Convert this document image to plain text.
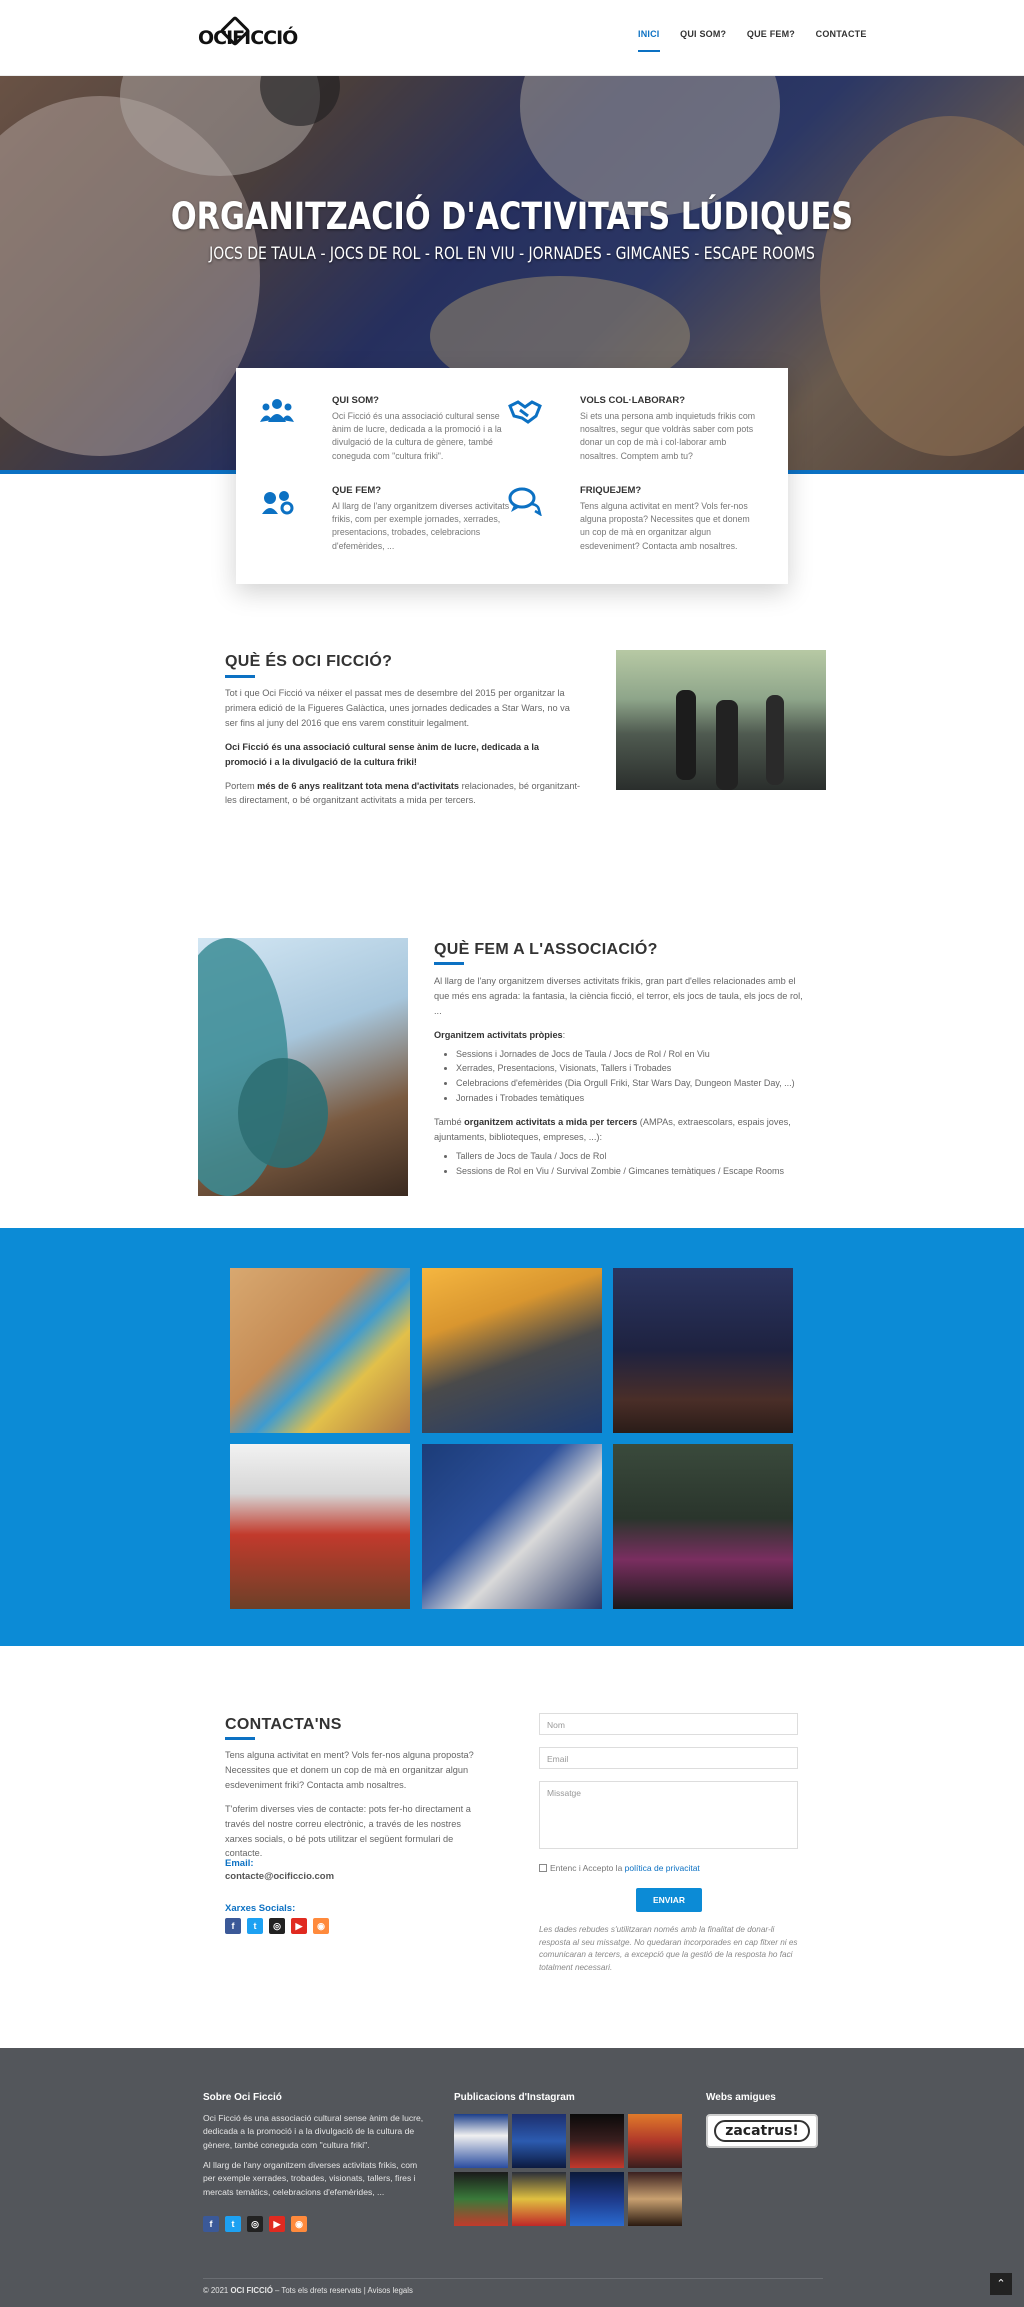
OCIFICCIÓ	INICI QUI SOM? QUE FEM? CONTACTE
ORGANITZACIÓ D'ACTIVITATS LÚDIQUES
JOCS DE TAULA - JOCS DE ROL - ROL EN VIU - JORNADES - GIMCANES - ESCAPE ROOMS
QUI SOM?

Oci Ficció és una associació cultural sense ànim de lucre, dedicada a la promoció i a la divulgació de la cultura de gènere, també coneguda com "cultura friki".

VOLS COL·LABORAR?

Si ets una persona amb inquietuds frikis com nosaltres, segur que voldràs saber com pots donar un cop de mà i col·laborar amb nosaltres. Comptem amb tu?

QUE FEM?

Al llarg de l'any organitzem diverses activitats frikis, com per exemple jornades, xerrades, presentacions, trobades, celebracions d'efemèrides, ...

FRIQUEJEM?

Tens alguna activitat en ment? Vols fer-nos alguna proposta? Necessites que et donem un cop de mà en organitzar algun esdeveniment? Contacta amb nosaltres.

QUÈ ÉS OCI FICCIÓ?

Tot i que Oci Ficció va néixer el passat mes de desembre del 2015 per organitzar la primera edició de la Figueres Galàctica, unes jornades dedicades a Star Wars, no va ser fins al juny del 2016 que ens varem constituir legalment.

Oci Ficció és una associació cultural sense ànim de lucre, dedicada a la promoció i a la divulgació de la cultura friki!

Portem més de 6 anys realitzant tota mena d'activitats relacionades, bé organitzant-les directament, o bé organitzant activitats a mida per tercers.

QUÈ FEM A L'ASSOCIACIÓ?

Al llarg de l'any organitzem diverses activitats frikis, gran part d'elles relacionades amb el que més ens agrada: la fantasia, la ciència ficció, el terror, els jocs de taula, els jocs de rol, ...

Organitzem activitats pròpies:

• Sessions i Jornades de Jocs de Taula / Jocs de Rol / Rol en Viu
• Xerrades, Presentacions, Visionats, Tallers i Trobades
• Celebracions d'efemèrides (Dia Orgull Friki, Star Wars Day, Dungeon Master Day, ...)
• Jornades i Trobades temàtiques

També organitzem activitats a mida per tercers (AMPAs, extraescolars, espais joves, ajuntaments, biblioteques, empreses, ...):

• Tallers de Jocs de Taula / Jocs de Rol
• Sessions de Rol en Viu / Survival Zombie / Gimcanes temàtiques / Escape Rooms
CONTACTA'NS

Tens alguna activitat en ment? Vols fer-nos alguna proposta? Necessites que et donem un cop de mà en organitzar algun esdeveniment friki? Contacta amb nosaltres.

T'oferim diverses vies de contacte: pots fer-ho directament a través del nostre correu electrònic, a través de les nostres xarxes socials, o bé pots utilitzar el següent formulari de contacte.

Email:
contacte@ocificcio.com
Xarxes Socials:
f	t	◎	▶	◉
Nom
Email
Missatge
Entenc i Accepto la política de privacitat
ENVIAR
Les dades rebudes s'utilitzaran només amb la finalitat de donar-li resposta al seu missatge. No quedaran incorporades en cap fitxer ni es comunicaran a tercers, a excepció que la gestió de la resposta ho faci totalment necessari.
Sobre Oci Ficció

Oci Ficció és una associació cultural sense ànim de lucre, dedicada a la promoció i a la divulgació de la cultura de gènere, també coneguda com "cultura friki".

Al llarg de l'any organitzem diverses activitats frikis, com per exemple xerrades, trobades, visionats, tallers, fires i mercats temàtics, celebracions d'efemèrides, ...

f	t	◎	▶	◉
Publicacions d'Instagram	Webs amigues
zacatrus!
© 2021 OCI FICCIÓ – Tots els drets reservats | Avisos legals
⌃
